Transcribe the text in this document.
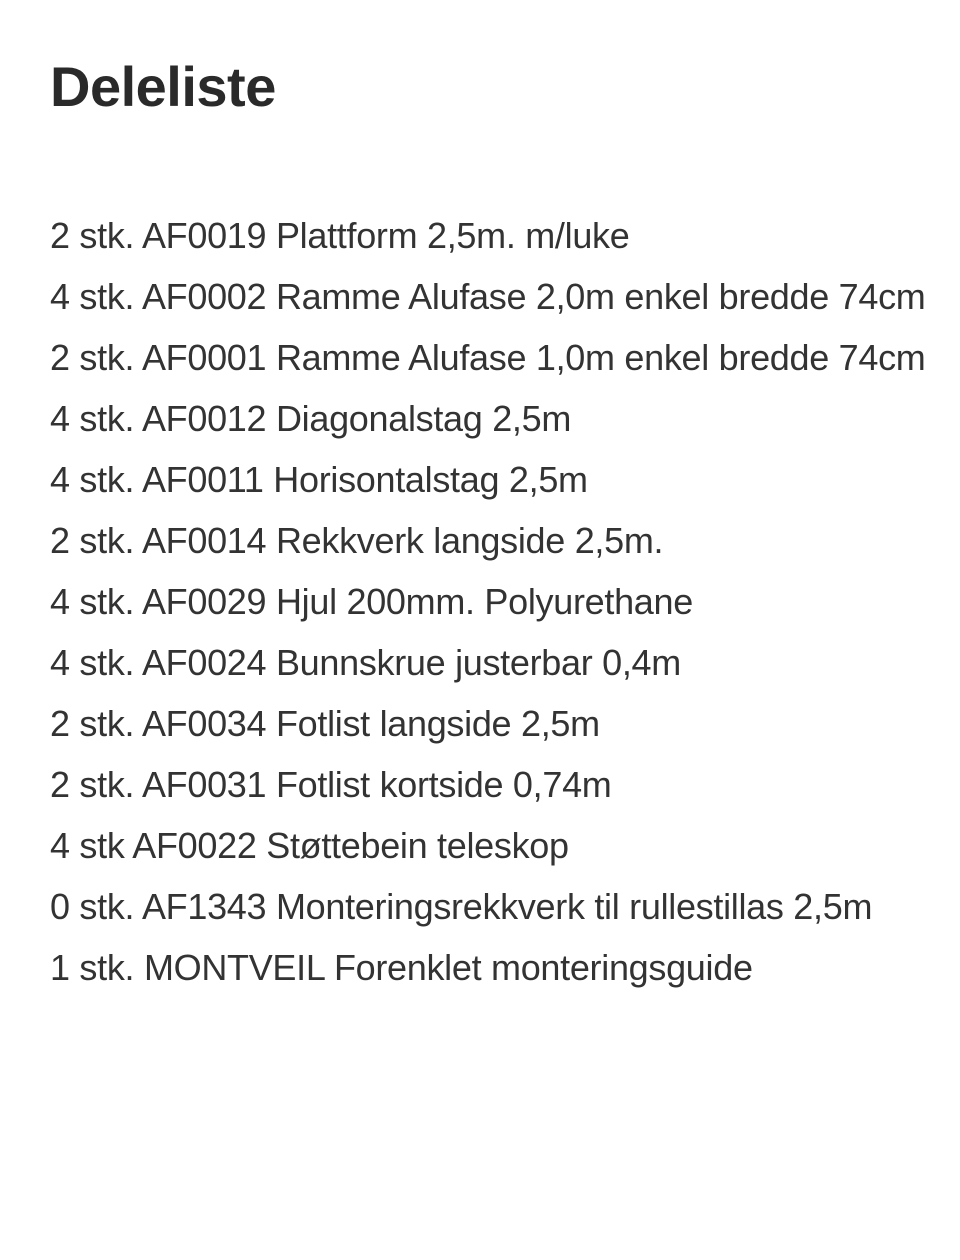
Deleliste
2 stk. AF0019 Plattform 2,5m. m/luke
4 stk. AF0002 Ramme Alufase 2,0m enkel bredde 74cm
2 stk. AF0001 Ramme Alufase 1,0m enkel bredde 74cm
4 stk. AF0012 Diagonalstag 2,5m
4 stk. AF0011 Horisontalstag 2,5m
2 stk. AF0014 Rekkverk langside 2,5m.
4 stk. AF0029 Hjul 200mm. Polyurethane
4 stk. AF0024 Bunnskrue justerbar 0,4m
2 stk. AF0034 Fotlist langside 2,5m
2 stk. AF0031 Fotlist kortside 0,74m
4 stk AF0022 Støttebein teleskop
0 stk. AF1343 Monteringsrekkverk til rullestillas 2,5m
1 stk. MONTVEIL Forenklet monteringsguide
